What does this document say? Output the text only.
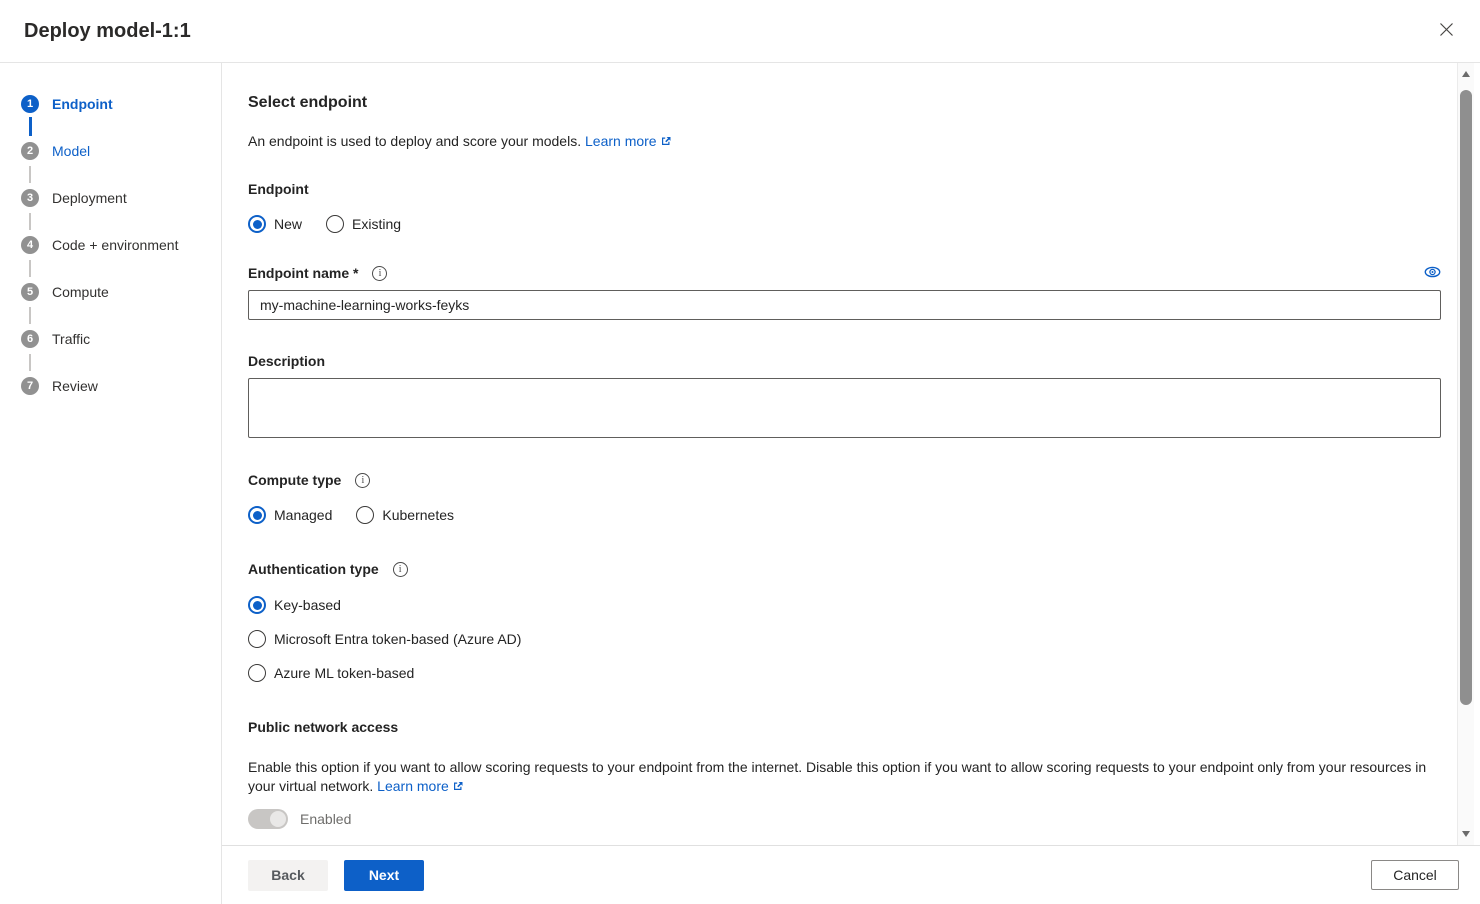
Deploy model-1:1
1	Endpoint
2	Model
3	Deployment
4	Code + environment
5	Compute
6	Traffic
7	Review
Select endpoint
An endpoint is used to deploy and score your models. Learn more
Endpoint
New	Existing
Endpoint name *	i
my-machine-learning-works-feyks
Description
Compute type	i
Managed	Kubernetes
Authentication type	i
Key-based
Microsoft Entra token-based (Azure AD)
Azure ML token-based
Public network access
Enable this option if you want to allow scoring requests to your endpoint from the internet. Disable this option if you want to allow scoring requests to your endpoint only from your resources in your virtual network. Learn more
Enabled
Back	Next	Cancel
